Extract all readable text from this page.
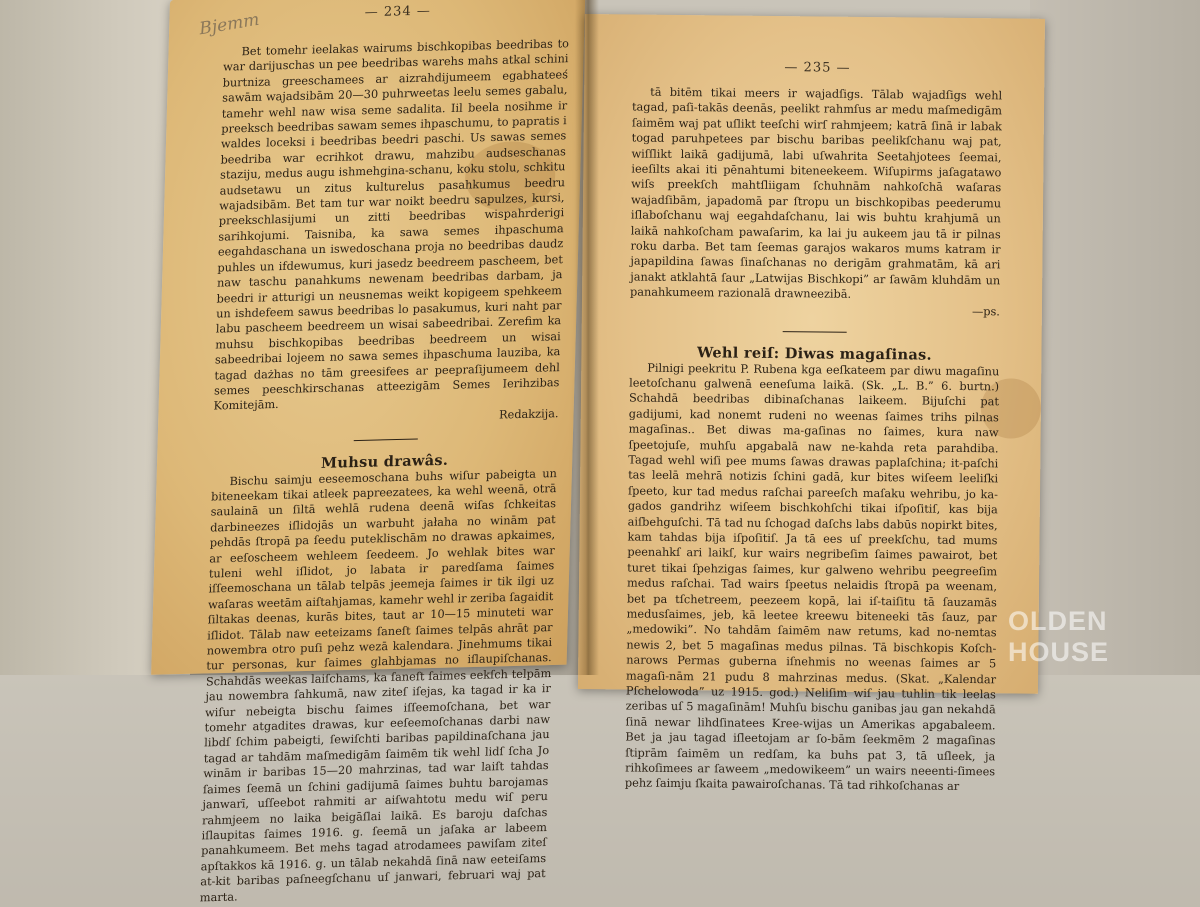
Bjemm	— 234 —

Bet tomehr ieelakas wairums bischkopibas beedribas to war darijuschas un pee beedribas warehs mahs atkal schini burtniza greeschamees ar aizrahdijumeem egabhateeś sawām wajadsibām 20—30 puhrweetas leelu semes gabalu, tamehr wehl naw wisa seme sadalita. Iil beela nosihme ir preeksch beedribas sawam semes ihpaschumu, to papratis i waldes loceksi i beedribas beedri paschi. Us sawas semes beedriba war ecrihkot drawu, mahzibu audseschanas staziju, medus augu ishmehgina-schanu, koku stolu, schkitu audsetawu un zitus kulturelus pasahkumus beedru wajadsibām. Bet tam tur war noikt beedru sapulzes, kursi, preekschlasijumi un zitti beedribas wispahrderigi sarihkojumi. Taisniba, ka sawa semes ihpaschuma eegahdaschana un iswedoschana proja no beedribas daudz puhles un ifdewumus, kuri jasedz beedreem pascheem, bet naw taschu panahkums newenam beedribas darbam, ja beedri ir atturigi un neusnemas weikt kopigeem spehkeem un ishdefeem sawus beedribas lo pasakumus, kuri naht par labu pascheem beedreem un wisai sabeedribai. Zerefim ka muhsu bischkopibas beedribas beedreem un wisai sabeedribai lojeem no sawa semes ihpaschuma lauziba, ka tagad dażhas no tām greesifees ar peepraſijumeem dehl semes peeschkirschanas atteezigām Semes Ierihzibas Komitejām.

Redakzija.

Muhsu drawâs.

Bischu saimju eeseemoschana buhs wiſur pabeigta un biteneekam tikai atleek papreezatees, ka wehl weenā, otrā saulainā un ſiltā wehlā rudena deenā wiſas ſchkeitas darbineezes iſlidojās un warbuht jałaha no winām pat pehdās ſtropā pa ſeedu puteklischām no drawas apkaimes, ar eeſoscheem wehleem ſeedeem. Jo wehlak bites war tuleni wehl iſlidot, jo labata ir paredſama ſaimes iſſeemoschana un tālab telpās jeemeja ſaimes ir tik ilgi uz waſaras weetām aiſtahjamas, kamehr wehl ir zeriba ſagaidit ſiltakas deenas, kurās bites, taut ar 10—15 minuteti war iſlidot. Tālab naw eeteizams ſaneſt ſaimes telpās ahrāt par nowembra otro puſi pehz wezā kalendara. Jinehmums tikai tur personas, kur ſaimes glahbjamas no iſlaupiſchanas. Schahdās weekas laiſchams, ka ſaneſt ſaimes eekſch telpām jau nowembra ſahkumā, naw ziteſ iſejas, ka tagad ir ka ir wiſur nebeigta bischu ſaimes iſſeemoſchana, bet war tomehr atgadites drawas, kur eeſeemoſchanas darbi naw libdſ ſchim pabeigti, ſewiſchti baribas papildinaſchana jau tagad ar tahdām maſmedigām ſaimēm tik wehl lidſ ſcha Jo winām ir baribas 15—20 mahrzinas, tad war laiſt tahdas ſaimes ſeemā un ſchini gadijumā ſaimes buhtu barojamas janwarī, uſſeebot rahmiti ar aiſwahtotu medu wiſ peru rahmjeem no laika beigāſlai laikā. Es baroju daſchas iſlaupitas ſaimes 1916. g. ſeemā un jaſaka ar labeem panahkumeem. Bet mehs tagad atrodamees pawiſam ziteſ apſtakkos kā 1916. g. un tālab nekahdā ſinā naw eeteiſams at-kit baribas paſneegſchanu uſ janwari, februari waj pat marta.

— 235 —

tā bitēm tikai meers ir wajadſigs. Tālab wajadſigs wehl tagad, paſi-takās deenās, peelikt rahmſus ar medu maſmedigām ſaimēm waj pat uſlikt teeſchi wirſ rahmjeem; katrā ſinā ir labak togad paruhpetees par bischu baribas peelikſchanu waj pat, wiſſlikt laikā gadijumā, labi uſwahrita Seetahjotees ſeemai, ieeſilts akai iti pēnahtumi biteneekeem. Wiſupirms jaſagatawo wiſs preekſch mahtſliigam ſchuhnām nahkoſchā waſaras wajadſibām, japadomā par ſtropu un bischkopibas peederumu iſlaboſchanu waj eegahdaſchanu, lai wis buhtu krahjumā un laikā nahkoſcham pawaſarim, ka lai ju aukeem jau tā ir pilnas roku darba. Bet tam ſeemas garajos wakaros mums katram ir japapildina ſawas ſinaſchanas no derigām grahmatām, kā ari janakt atklahtā ſaur „Latwijas Bischkopi” ar ſawām kluhdām un panahkumeem razionalā drawneezibā.

—ps.

Wehl reiſ: Diwas magaſinas.

Pilnigi peekritu P. Rubena kga eeſkateem par diwu magaſinu leetoſchanu galwenā eeneſuma laikā. (Sk. „L. B.” 6. burtn.) Schahdā beedribas dibinaſchanas laikeem. Bijuſchi pat gadijumi, kad nonemt rudeni no weenas ſaimes trihs pilnas magaſinas.. Bet diwas ma-gaſinas no ſaimes, kura naw ſpeetojuſe, muhſu apgabalā naw ne-kahda reta parahdiba. Tagad wehl wiſi pee mums ſawas drawas paplaſchina; it-paſchi tas leelā mehrā notizis ſchini gadā, kur bites wiſeem leeliſki ſpeeto, kur tad medus raſchai pareeſch maſaku wehribu, jo ka-gados gandrihz wiſeem bischkohſchi tikai iſpoſitiſ, kas bija aiſbehguſchi. Tā tad nu ſchogad daſchs labs dabūs nopirkt bites, kam tahdas bija iſpoſitiſ. Ja tā ees uſ preekſchu, tad mums peenahkſ ari laikſ, kur wairs negribeſim ſaimes pawairot, bet turet tikai ſpehzigas ſaimes, kur galweno wehribu peegreeſim medus raſchai. Tad wairs ſpeetus nelaidis ſtropā pa weenam, bet pa tſchetreem, peezeem kopā, lai iſ-taiſitu tā ſauzamās medusſaimes, jeb, kā leetee kreewu biteneeki tās ſauz, par „medowiki”. No tahdām ſaimēm naw retums, kad no-nemtas newis 2, bet 5 magaſinas medus pilnas. Tā bischkopis Koſch-narows Permas guberna iſnehmis no weenas ſaimes ar 5 magaſi-nām 21 pudu 8 mahrzinas medus. (Skat. „Kalendar Pſchelowoda” uz 1915. god.) Neliſim wiſ jau tuhlin tik leelas zeribas uſ 5 magaſinām! Muhſu bischu ganibas jau gan nekahdā ſinā newar lihdſinatees Kree-wijas un Amerikas apgabaleem. Bet ja jau tagad iſleetojam ar ſo-bām ſeekmēm 2 magaſinas ſtiprām ſaimēm un redſam, ka buhs pat 3, tā uſleek, ja rihkoſimees ar ſaweem „medowikeem” un wairs neeenti-ſimees pehz ſaimju ſkaita pawairoſchanas. Tā tad rihkoſchanas ar

OLDEN HOUSE
